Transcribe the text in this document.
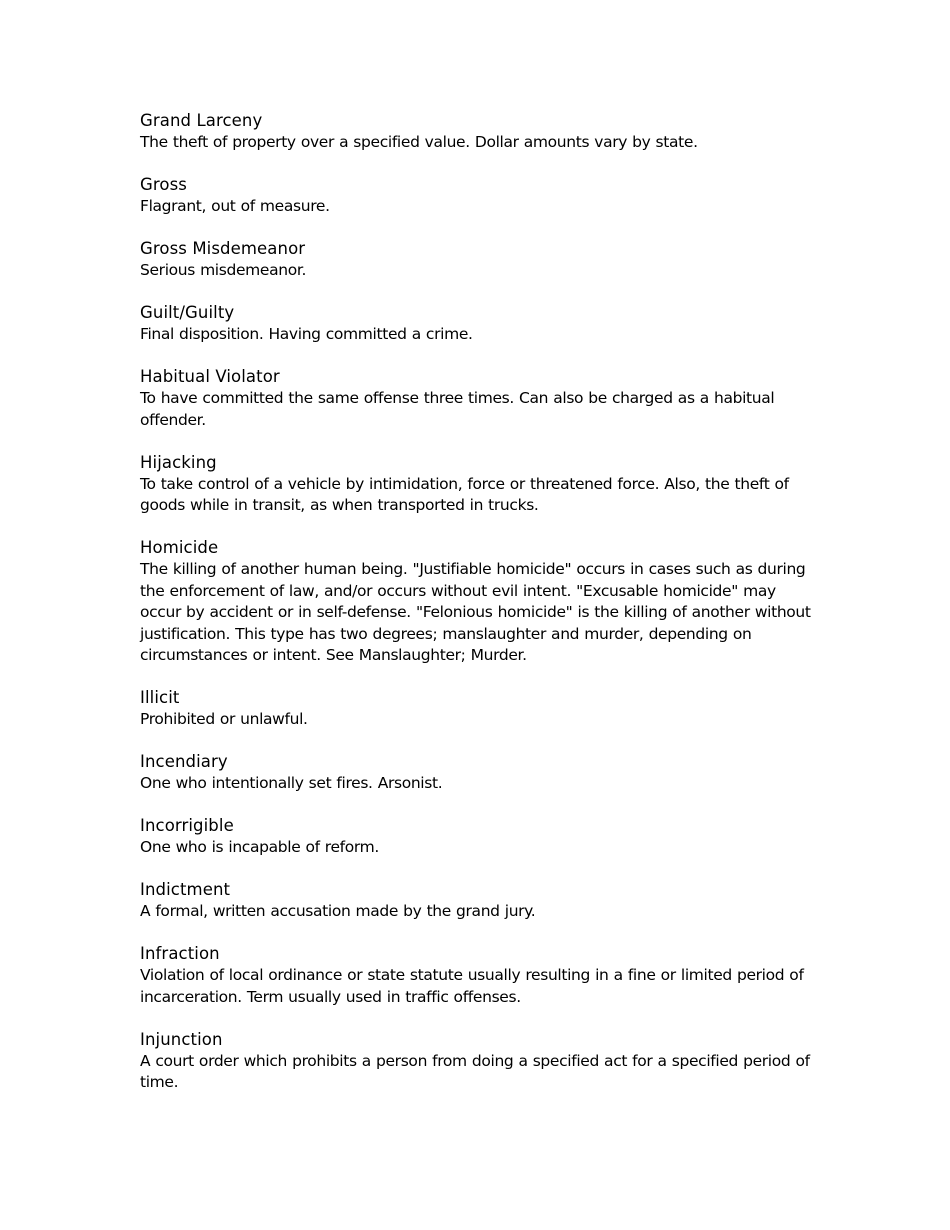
Grand Larceny
The theft of property over a specified value. Dollar amounts vary by state.
Gross
Flagrant, out of measure.
Gross Misdemeanor
Serious misdemeanor.
Guilt/Guilty
Final disposition. Having committed a crime.
Habitual Violator
To have committed the same offense three times. Can also be charged as a habitual offender.
Hijacking
To take control of a vehicle by intimidation, force or threatened force. Also, the theft of goods while in transit, as when transported in trucks.
Homicide
The killing of another human being. "Justifiable homicide" occurs in cases such as during the enforcement of law, and/or occurs without evil intent. "Excusable homicide" may occur by accident or in self-defense. "Felonious homicide" is the killing of another without justification. This type has two degrees; manslaughter and murder, depending on circumstances or intent. See Manslaughter; Murder.
Illicit
Prohibited or unlawful.
Incendiary
One who intentionally set fires. Arsonist.
Incorrigible
One who is incapable of reform.
Indictment
A formal, written accusation made by the grand jury.
Infraction
Violation of local ordinance or state statute usually resulting in a fine or limited period of incarceration. Term usually used in traffic offenses.
Injunction
A court order which prohibits a person from doing a specified act for a specified period of time.
